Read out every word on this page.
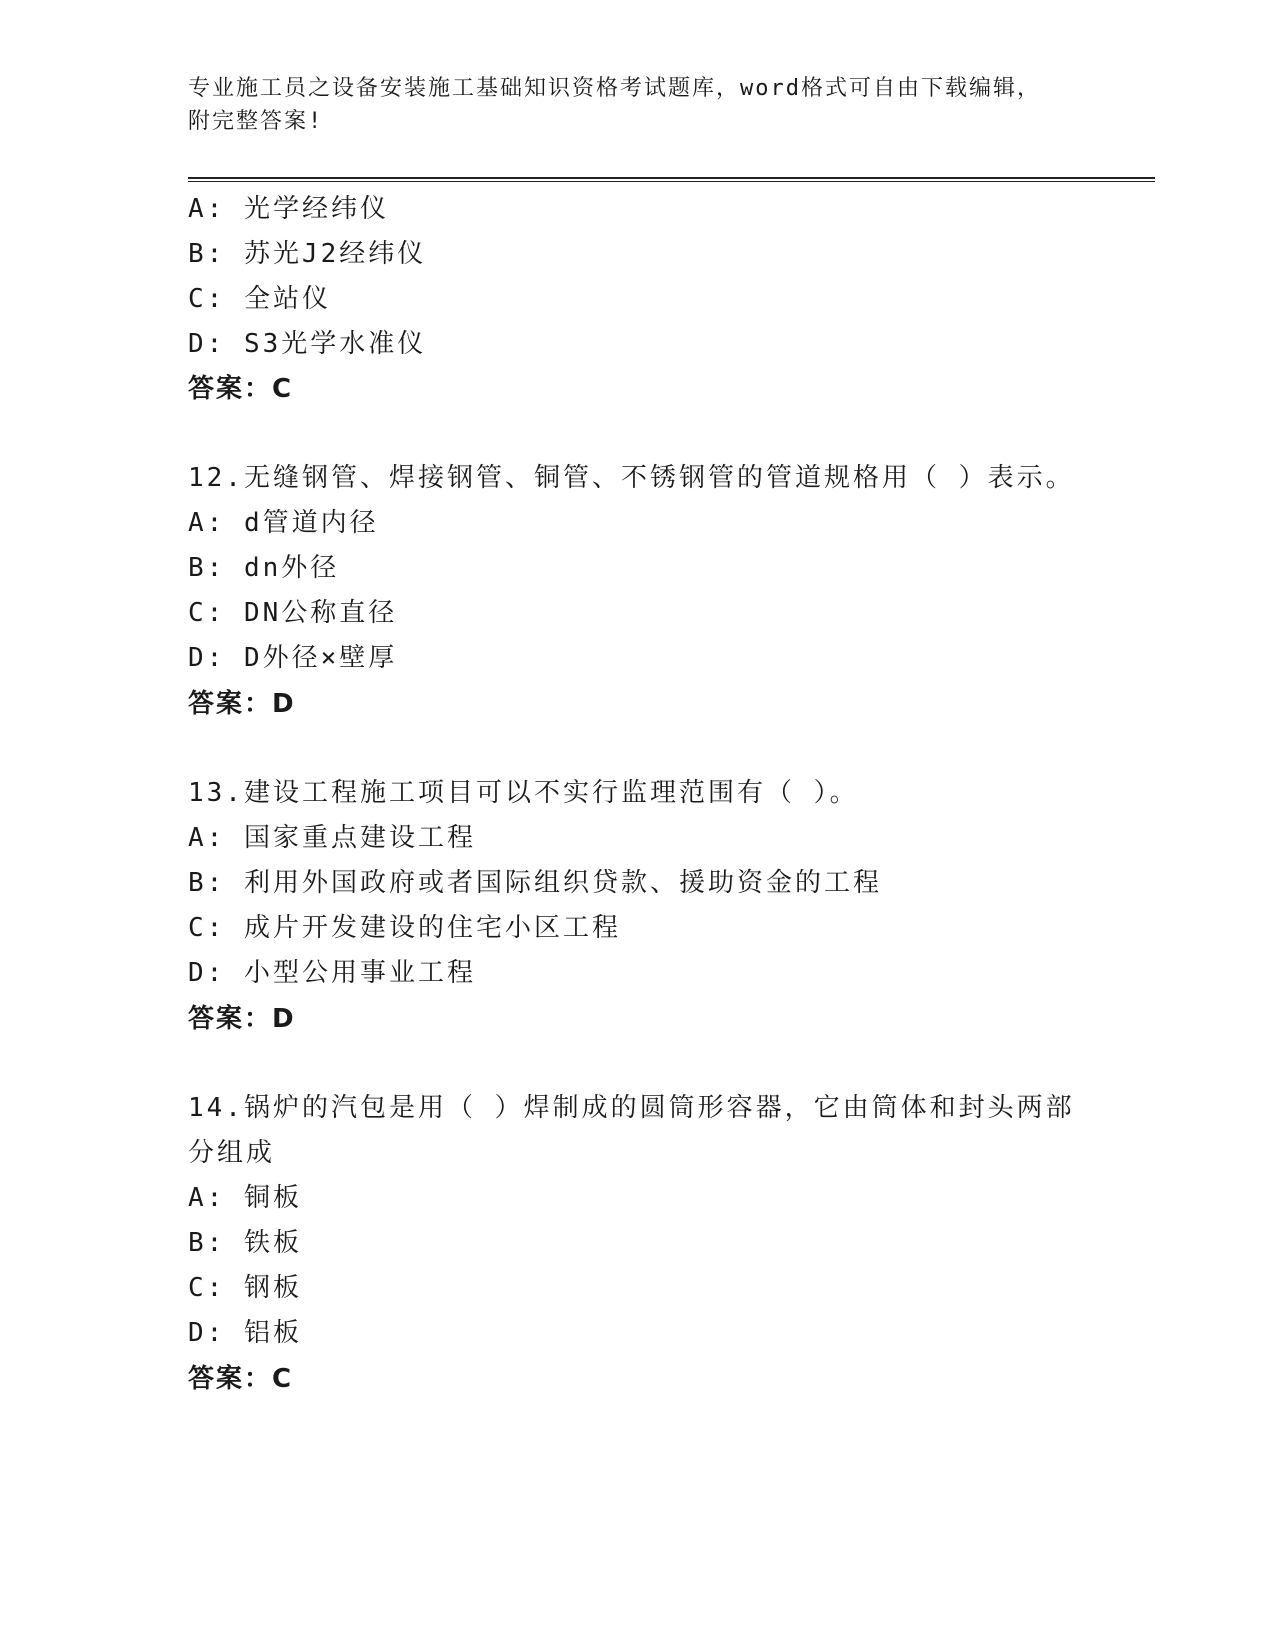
专业施工员之设备安装施工基础知识资格考试题库，word格式可自由下载编辑，
附完整答案!
A: 光学经纬仪
B: 苏光J2经纬仪
C: 全站仪
D: S3光学水准仪
答案：C
12.无缝钢管、焊接钢管、铜管、不锈钢管的管道规格用（ ）表示。
A: d管道内径
B: dn外径
C: DN公称直径
D: D外径×壁厚
答案：D
13.建设工程施工项目可以不实行监理范围有（ ）。
A: 国家重点建设工程
B: 利用外国政府或者国际组织贷款、援助资金的工程
C: 成片开发建设的住宅小区工程
D: 小型公用事业工程
答案：D
14.锅炉的汽包是用（ ）焊制成的圆筒形容器，它由筒体和封头两部
分组成
A: 铜板
B: 铁板
C: 钢板
D: 铝板
答案：C
